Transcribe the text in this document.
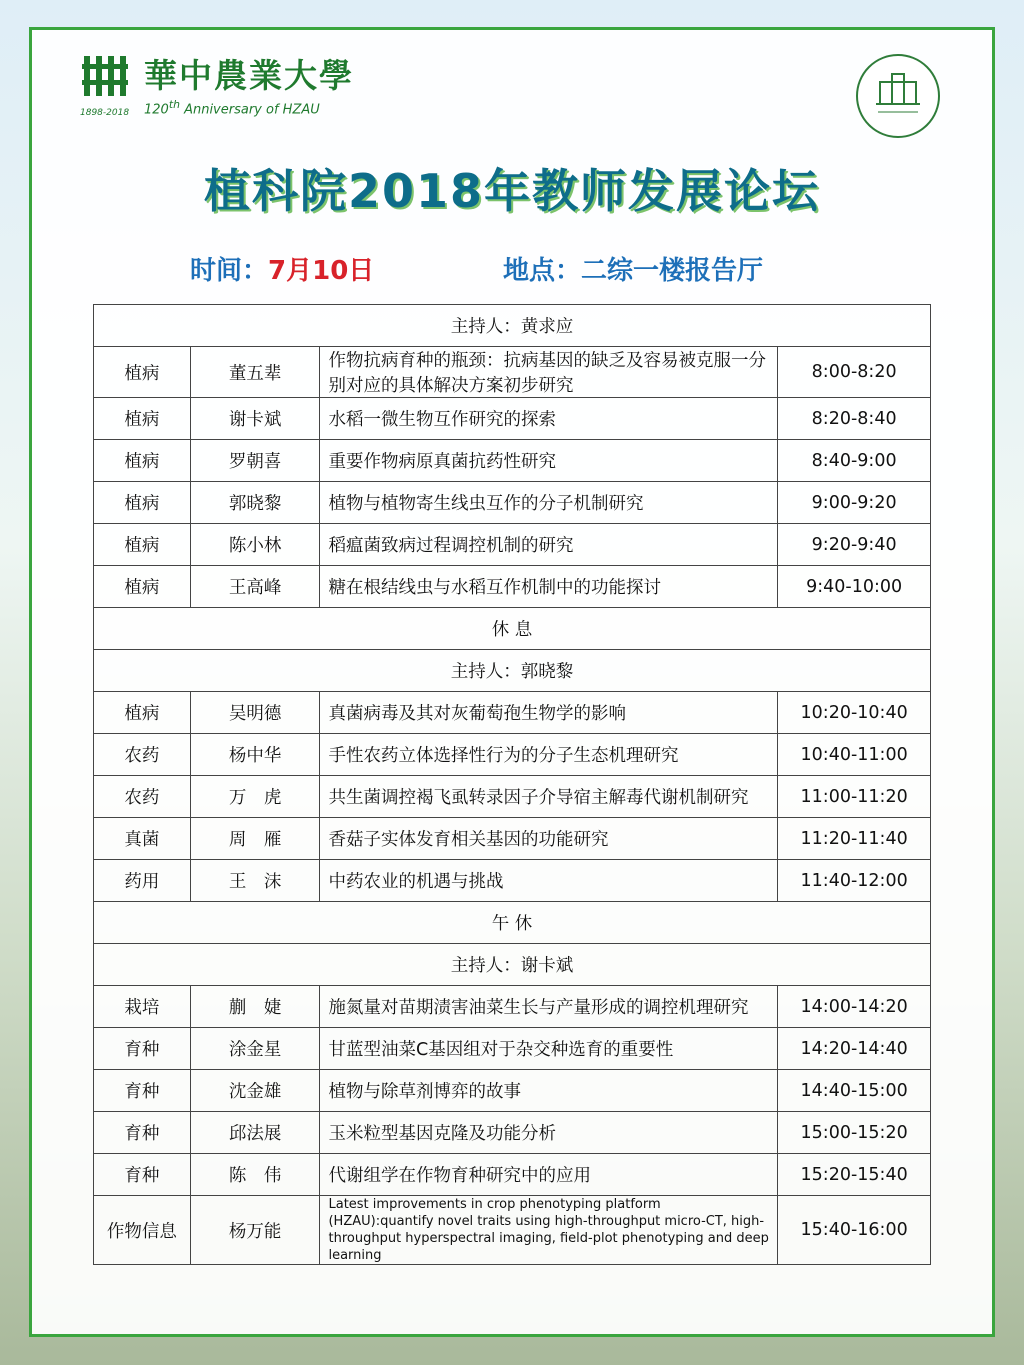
華中農業大學
1898-2018 120th Anniversary of HZAU
植科院2018年教师发展论坛
时间：7月10日	地点：二综一楼报告厅
主持人：黄求应			
植病	董五辈	作物抗病育种的瓶颈：抗病基因的缺乏及容易被克服一分别对应的具体解决方案初步研究	8:00-8:20
植病	谢卡斌	水稻一微生物互作研究的探索	8:20-8:40
植病	罗朝喜	重要作物病原真菌抗药性研究	8:40-9:00
植病	郭晓黎	植物与植物寄生线虫互作的分子机制研究	9:00-9:20
植病	陈小林	稻瘟菌致病过程调控机制的研究	9:20-9:40
植病	王高峰	糖在根结线虫与水稻互作机制中的功能探讨	9:40-10:00
休 息			
主持人：郭晓黎			
植病	吴明德	真菌病毒及其对灰葡萄孢生物学的影响	10:20-10:40
农药	杨中华	手性农药立体选择性行为的分子生态机理研究	10:40-11:00
农药	万　虎	共生菌调控褐飞虱转录因子介导宿主解毒代谢机制研究	11:00-11:20
真菌	周　雁	香菇子实体发育相关基因的功能研究	11:20-11:40
药用	王　沫	中药农业的机遇与挑战	11:40-12:00
午 休			
主持人：谢卡斌			
栽培	蒯　婕	施氮量对苗期渍害油菜生长与产量形成的调控机理研究	14:00-14:20
育种	涂金星	甘蓝型油菜C基因组对于杂交种选育的重要性	14:20-14:40
育种	沈金雄	植物与除草剂博弈的故事	14:40-15:00
育种	邱法展	玉米粒型基因克隆及功能分析	15:00-15:20
育种	陈　伟	代谢组学在作物育种研究中的应用	15:20-15:40
作物信息	杨万能	Latest improvements in crop phenotyping platform (HZAU):quantify novel traits using high-throughput micro-CT, high-throughput hyperspectral imaging, field-plot phenotyping and deep learning	15:40-16:00
